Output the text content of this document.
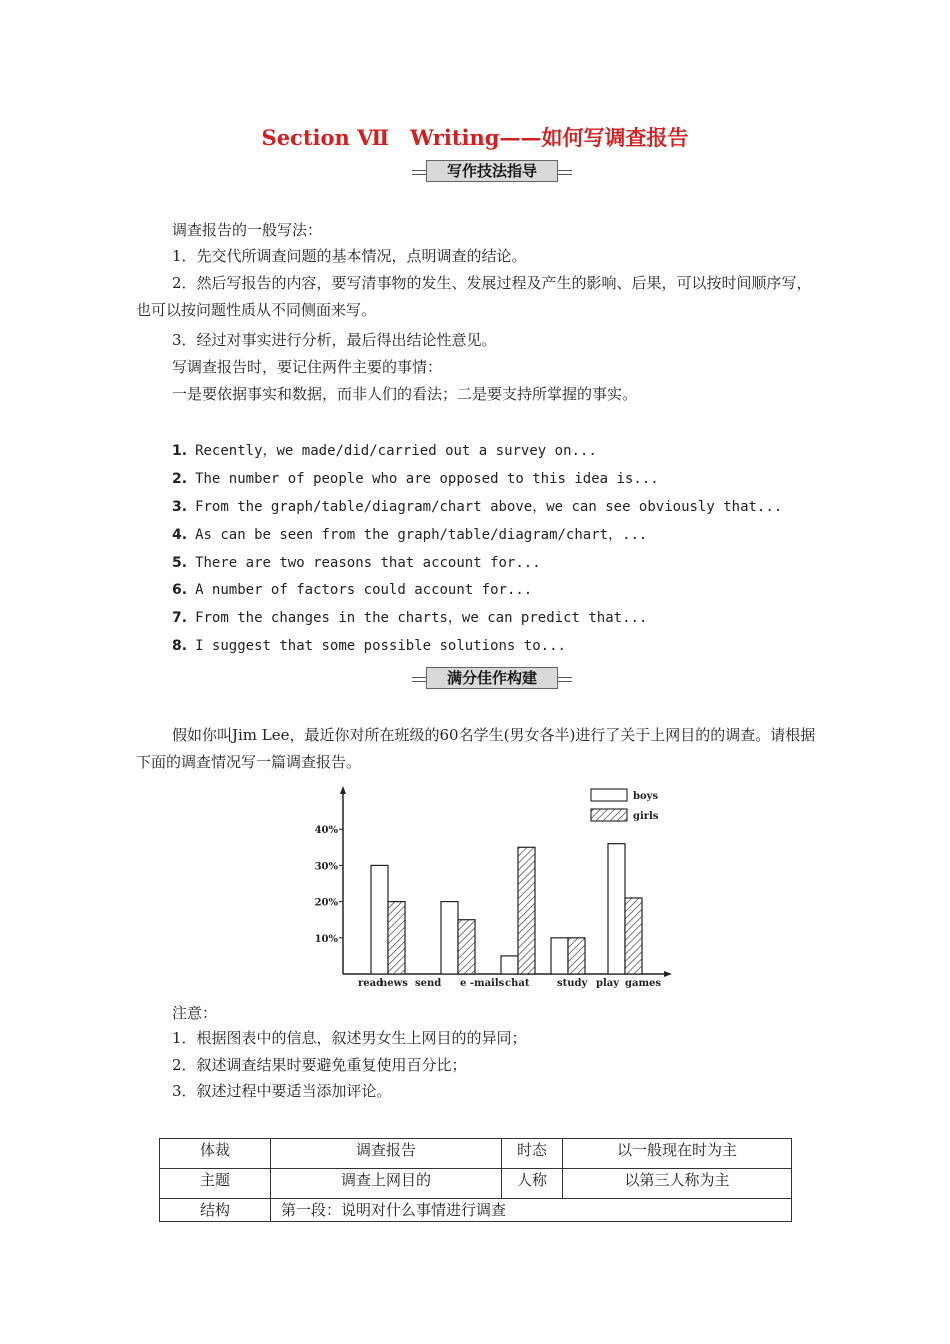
Section Ⅶ　Writing——如何写调查报告
写作技法指导
调查报告的一般写法：
1．先交代所调查问题的基本情况，点明调查的结论。
2．然后写报告的内容，要写清事物的发生、发展过程及产生的影响、后果，可以按时间顺序写，也可以按问题性质从不同侧面来写。
3．经过对事实进行分析，最后得出结论性意见。
写调查报告时，要记住两件主要的事情：
一是要依据事实和数据，而非人们的看法；二是要支持所掌握的事实。
1. Recently，we made/did/carried out a survey on...
2. The number of people who are opposed to this idea is...
3. From the graph/table/diagram/chart above，we can see obviously that...
4. As can be seen from the graph/table/diagram/chart，...
5. There are two reasons that account for...
6. A number of factors could account for...
7. From the changes in the charts，we can predict that...
8. I suggest that some possible solutions to...
满分佳作构建
假如你叫Jim Lee，最近你对所在班级的60名学生(男女各半)进行了关于上网目的的调查。请根据下面的调查情况写一篇调查报告。
10%
20%
30%
40%
read
news send e -mails chat	study play games
boys
girls
注意：
1．根据图表中的信息，叙述男女生上网目的的异同；
2．叙述调查结果时要避免重复使用百分比；
3．叙述过程中要适当添加评论。
体裁	调查报告	时态	以一般现在时为主
主题	调查上网目的	人称	以第三人称为主
结构	第一段：说明对什么事情进行调查		
